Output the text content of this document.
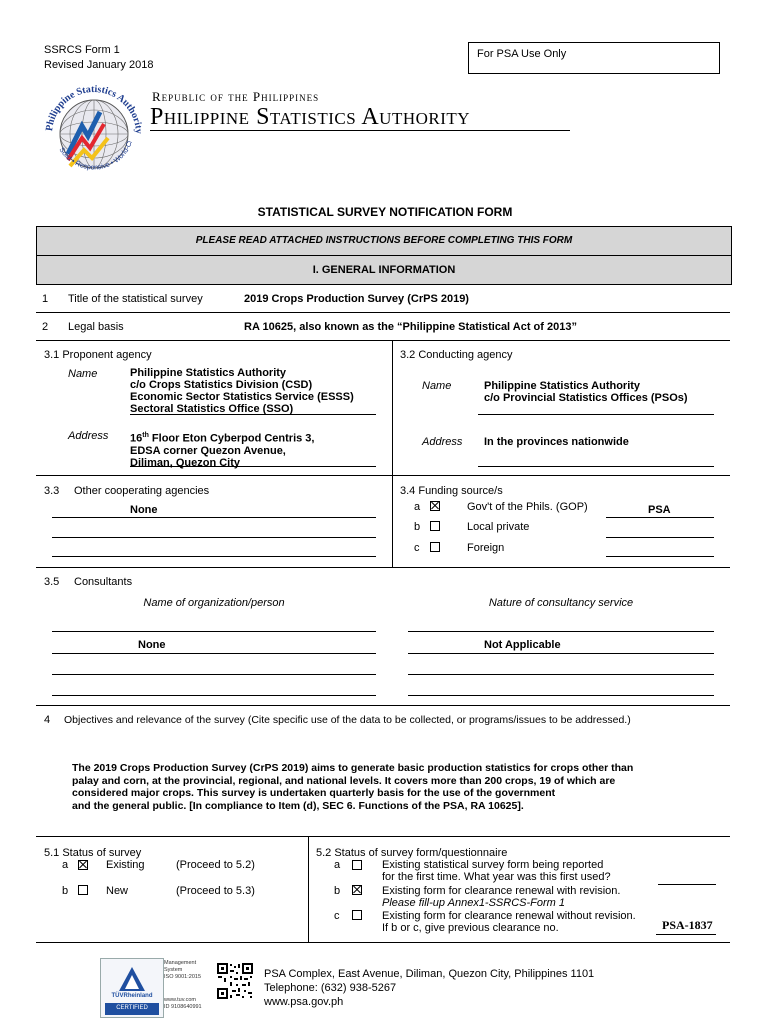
SSRCS Form 1
Revised January 2018
For PSA Use Only
Philippine Statistics Authority
Solid • Responsive • World-Cl
Republic of the Philippines
Philippine Statistics Authority
STATISTICAL SURVEY NOTIFICATION FORM
PLEASE READ ATTACHED INSTRUCTIONS BEFORE COMPLETING THIS FORM
I. GENERAL INFORMATION
1 Title of the statistical survey	2019 Crops Production Survey (CrPS 2019)
2 Legal basis	RA 10625, also known as the “Philippine Statistical Act of 2013”
3.1 Proponent agency
Name	Philippine Statistics Authority
c/o Crops Statistics Division (CSD)
Economic Sector Statistics Service (ESSS)
Sectoral Statistics Office (SSO)
Address 16th Floor Eton Cyberpod Centris 3,
EDSA corner Quezon Avenue,
Diliman, Quezon City
3.2 Conducting agency
Name	Philippine Statistics Authority
c/o Provincial Statistics Offices (PSOs)
Address In the provinces nationwide
3.3 Other cooperating agencies
None
3.4 Funding source/s
a	Gov't of the Phils. (GOP)	PSA
b	Local private
c	Foreign
3.5 Consultants
Name of organization/person	Nature of consultancy service
None	Not Applicable
4 Objectives and relevance of the survey (Cite specific use of the data to be collected, or programs/issues to be addressed.)
The 2019 Crops Production Survey (CrPS 2019) aims to generate basic production statistics for crops other than
palay and corn, at the provincial, regional, and national levels. It covers more than 200 crops, 19 of which are
considered major crops. This survey is undertaken quarterly basis for the use of the government
and the general public. [In compliance to Item (d), SEC 6. Functions of the PSA, RA 10625].
5.1 Status of survey
a	Existing	(Proceed to 5.2)
b	New	(Proceed to 5.3)
5.2 Status of survey form/questionnaire
a	Existing statistical survey form being reported
for the first time. What year was this first used?
b	Existing form for clearance renewal with revision.
Please fill-up Annex1-SSRCS-Form 1
c	Existing form for clearance renewal without revision.
If b or c, give previous clearance no.	PSA-1837
TÜVRheinland
CERTIFIED
Management
System
ISO 9001:2015
www.tuv.com
ID 9108640991
PSA Complex, East Avenue, Diliman, Quezon City, Philippines 1101
Telephone: (632) 938-5267
www.psa.gov.ph
